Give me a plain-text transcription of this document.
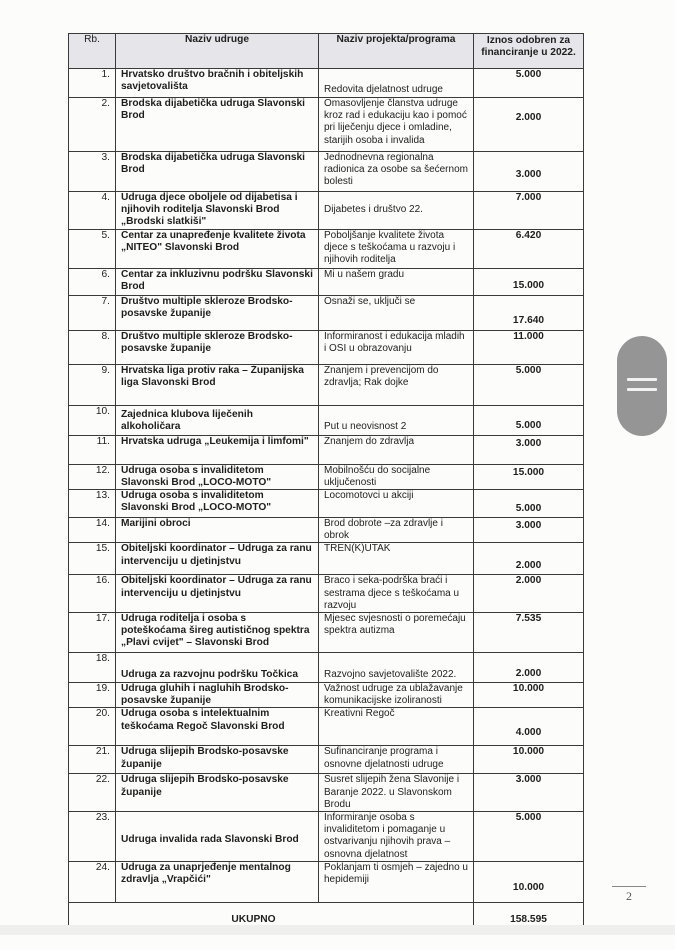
Rb.	Naziv udruge	Naziv projekta/programa	Iznos odobren za
financiranje u 2022.

1.	Hrvatsko društvo bračnih i obiteljskih savjetovališta	Redovita djelatnost udruge	5.000
2.	Brodska dijabetička udruga Slavonski Brod	Omasovljenje članstva udruge kroz rad i edukaciju kao i pomoć pri liječenju djece i omladine, starijih osoba i invalida	2.000
3.	Brodska dijabetička udruga Slavonski Brod	Jednodnevna regionalna radionica za osobe sa šećernom bolesti	3.000
4.	Udruga djece oboljele od dijabetisa i njihovih roditelja Slavonski Brod „Brodski slatkiši"	Dijabetes i društvo 22.	7.000
5.	Centar za unapređenje kvalitete života „NITEO" Slavonski Brod	Poboljšanje kvalitete života djece s teškoćama u razvoju i njihovih roditelja	6.420
6.	Centar za inkluzivnu podršku Slavonski Brod	Mi u našem gradu	15.000
7.	Društvo multiple skleroze Brodsko-posavske županije	Osnaži se, uključi se	17.640
8.	Društvo multiple skleroze Brodsko-posavske županije	Informiranost i edukacija mladih i OSI u obrazovanju	11.000
9.	Hrvatska liga protiv raka – Županijska liga Slavonski Brod	Znanjem i prevencijom do zdravlja; Rak dojke	5.000
10.	Zajednica klubova liječenih alkoholičara	Put u neovisnost 2	5.000
11.	Hrvatska udruga „Leukemija i limfomi"	Znanjem do zdravlja	3.000
12.	Udruga osoba s invaliditetom Slavonski Brod „LOCO-MOTO"	Mobilnošću do socijalne uključenosti	15.000
13.	Udruga osoba s invaliditetom Slavonski Brod „LOCO-MOTO"	Locomotovci u akciji	5.000
14.	Marijini obroci	Brod dobrote –za zdravlje i obrok	3.000
15.	Obiteljski koordinator – Udruga za ranu intervenciju u djetinjstvu	TREN(K)UTAK	2.000
16.	Obiteljski koordinator – Udruga za ranu intervenciju u djetinjstvu	Braco i seka-podrška braći i sestrama djece s teškoćama u razvoju	2.000
17.	Udruga roditelja i osoba s poteškoćama šireg autističnog spektra „Plavi cvijet" – Slavonski Brod	Mjesec svjesnosti o poremećaju spektra autizma	7.535
18.	Udruga za razvojnu podršku Točkica	Razvojno savjetovalište 2022.	2.000
19.	Udruga gluhih i nagluhih Brodsko-posavske županije	Važnost udruge za ublažavanje komunikacijske izoliranosti	10.000
20.	Udruga osoba s intelektualnim teškoćama Regoč Slavonski Brod	Kreativni Regoč	4.000
21.	Udruga slijepih Brodsko-posavske županije	Sufinanciranje programa i osnovne djelatnosti udruge	10.000
22.	Udruga slijepih Brodsko-posavske županije	Susret slijepih žena Slavonije i Baranje 2022. u Slavonskom Brodu	3.000
23.	Udruga invalida rada Slavonski Brod	Informiranje osoba s invaliditetom i pomaganje u ostvarivanju njihovih prava –osnovna djelatnost	5.000
24.	Udruga za unaprjeđenje mentalnog zdravlja „Vrapčići"	Poklanjam ti osmjeh – zajedno u hepidemiji	10.000
UKUPNO			158.595
2
